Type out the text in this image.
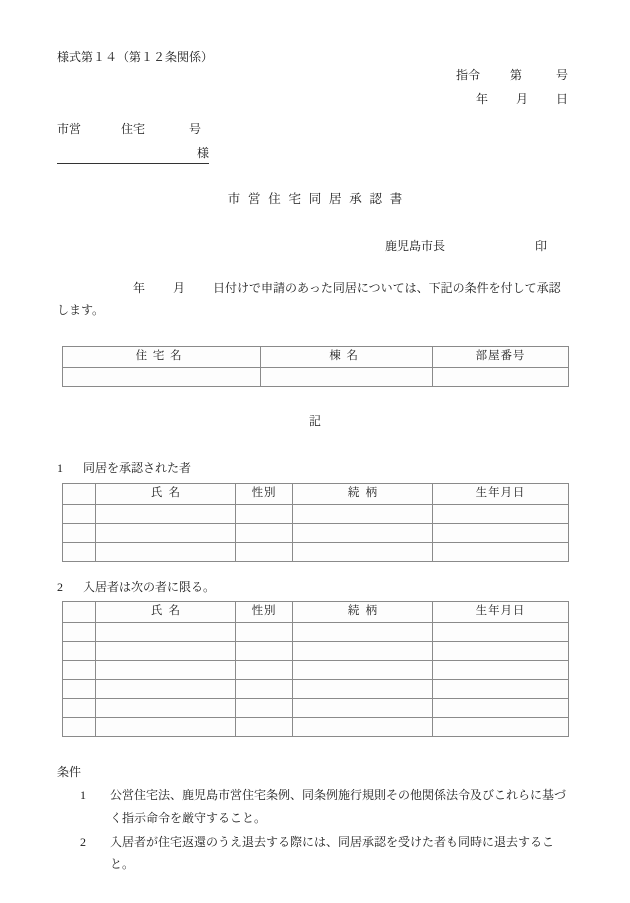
様式第１４（第１２条関係）
指令	第	号
年 月 日
市営	住宅	号
様
市営住宅同居承認書
鹿児島市長	印
年 月 日付けで申請のあった同居については、下記の条件を付して承認します。
住宅名	棟名	部屋番号

記
1 同居を承認された者
	氏名	性別	続柄	生年月日

2 入居者は次の者に限る。
	氏名	性別	続柄	生年月日

条件
1	公営住宅法、鹿児島市営住宅条例、同条例施行規則その他関係法令及びこれらに基づく指示命令を厳守すること。
2	入居者が住宅返還のうえ退去する際には、同居承認を受けた者も同時に退去すること。
